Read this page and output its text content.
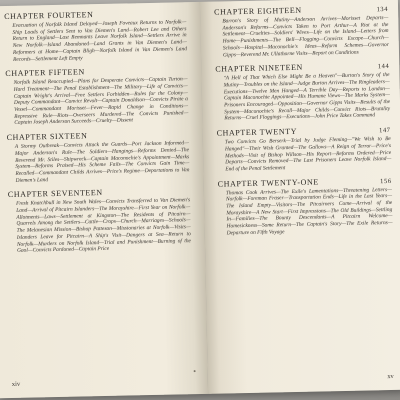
CHAPTER FOURTEEN
Evacuation of Norfolk Island Delayed—Joseph Foveaux Returns to Norfolk—Ship Loads of Settlers Sent to Van Diemen's Land—Robert Lee and Others Return to England—Last Remnants Leave Norfolk Island—Settlers Arrive in New Norfolk—Island Abandoned—Land Grants in Van Diemen's Land—Reformers at Home—Captain Bligh—Norfolk Island in Van Diemen's Land Records—Settlement Left Empty
CHAPTER FIFTEEN
Norfolk Island Reoccupied—Plans for Desperate Convicts—Captain Turton—Hard Treatment—The Penal Establishment—The Military—Life of Convicts—Captain Wright's Arrival—Free Settlers Forbidden—Rules for the Colony—Deputy Commandant—Convict Revolt—Captain Donaldson—Convicts Pirate a Vessel—Commandant Morisset—Fever—Rapid Change in Conditions—Repressive Rule—Riots—Overseers Murdered—The Convicts Punished—Captain Joseph Anderson Succeeds—Cruelty—Dissent
CHAPTER SIXTEEN
A Stormy Outbreak—Convicts Attack the Guards—Port Jackson Informed—Major Anderson's Rule—The Soldiers—Hangings—Reforms Denied—The Reverend Mr. Stiles—Shipwreck—Captain Maconochie's Appointment—Marks System—Reforms Praised—His Scheme Fails—The Convicts Gain Time—Recalled—Commandant Childs Arrives—Price's Regime—Deportations to Van Diemen's Land
CHAPTER SEVENTEEN
Fresh Knatchbull in New South Wales—Convicts Transferred to Van Diemen's Land—Arrival of Pitcairn Islanders—The Morayshire—First Year on Norfolk—Allotments—Laws—Settlement at Kingston—The Residents of Pitcairn—Quarrels Among the Settlers—Cattle—Crops—Church—Marriages—Schools—The Melanesian Mission—Bishop Patteson—Missionaries at Norfolk—Visits—Islanders Leave for Pitcairn—A Ship's Visit—Dangers at Sea—Return to Norfolk—Murders on Norfolk Island—Trial and Punishment—Burning of the Gaol—Convicts Pardoned—Captain Price
xiv
CHAPTER EIGHTEEN	134
Barron's Story of Mutiny—Anderson Arrives—Morisset Departs—Anderson's Reforms—Convicts Taken to Port Arthur—A Riot at the Settlement—Cruelties—Soldiers' Wives—Life on the Island—Letters from Home—Punishments—The Bell—Flogging—Convicts Escape—Church—Schools—Hospital—Maconochie's Ideas—Reform Schemes—Governor Gipps—Reverend Mr. Ullathorne Visits—Report on Conditions
CHAPTER NINETEEN	144
"A Hell of That Which Else Might Be a Heaven"—Burton's Story of the Mutiny—Troubles on the Island—Judge Burton Arrives—The Ringleaders—Executions—Twelve Men Hanged—A Terrible Day—Reports to London—Captain Maconochie Appointed—His Humane Views—The Marks System—Prisoners Encouraged—Opposition—Governor Gipps Visits—Results of the System—Maconochie's Recall—Major Childs—Convict Riots—Brutality Returns—Cruel Floggings—Executions—John Price Takes Command
CHAPTER TWENTY	147
Two Convicts Go Berserk—Trial by Judge Fleming—"We Wish to Be Hanged"—Their Wish Granted—The Gallows—A Reign of Terror—Price's Methods—Visit of Bishop Willson—His Report—Reforms Ordered—Price Departs—Convicts Removed—The Last Prisoners Leave Norfolk Island—End of the Penal Settlement
CHAPTER TWENTY-ONE	156
Thomas Cook Arrives—The Exile's Lamentations—Threatening Letters—Norfolk—Foreman Fraser—Transportation Ends—Life in the Last Years—The Island Empty—Visitors—The Pitcairners Come—Arrival of the Morayshire—A New Start—First Impressions—The Old Buildings—Settling In—Families—The Bounty Descendants—A Pitcairn Welcome—Homesickness—Some Return—The Captain's Story—The Exile Returns—Departure on Fifth Voyage
xv
